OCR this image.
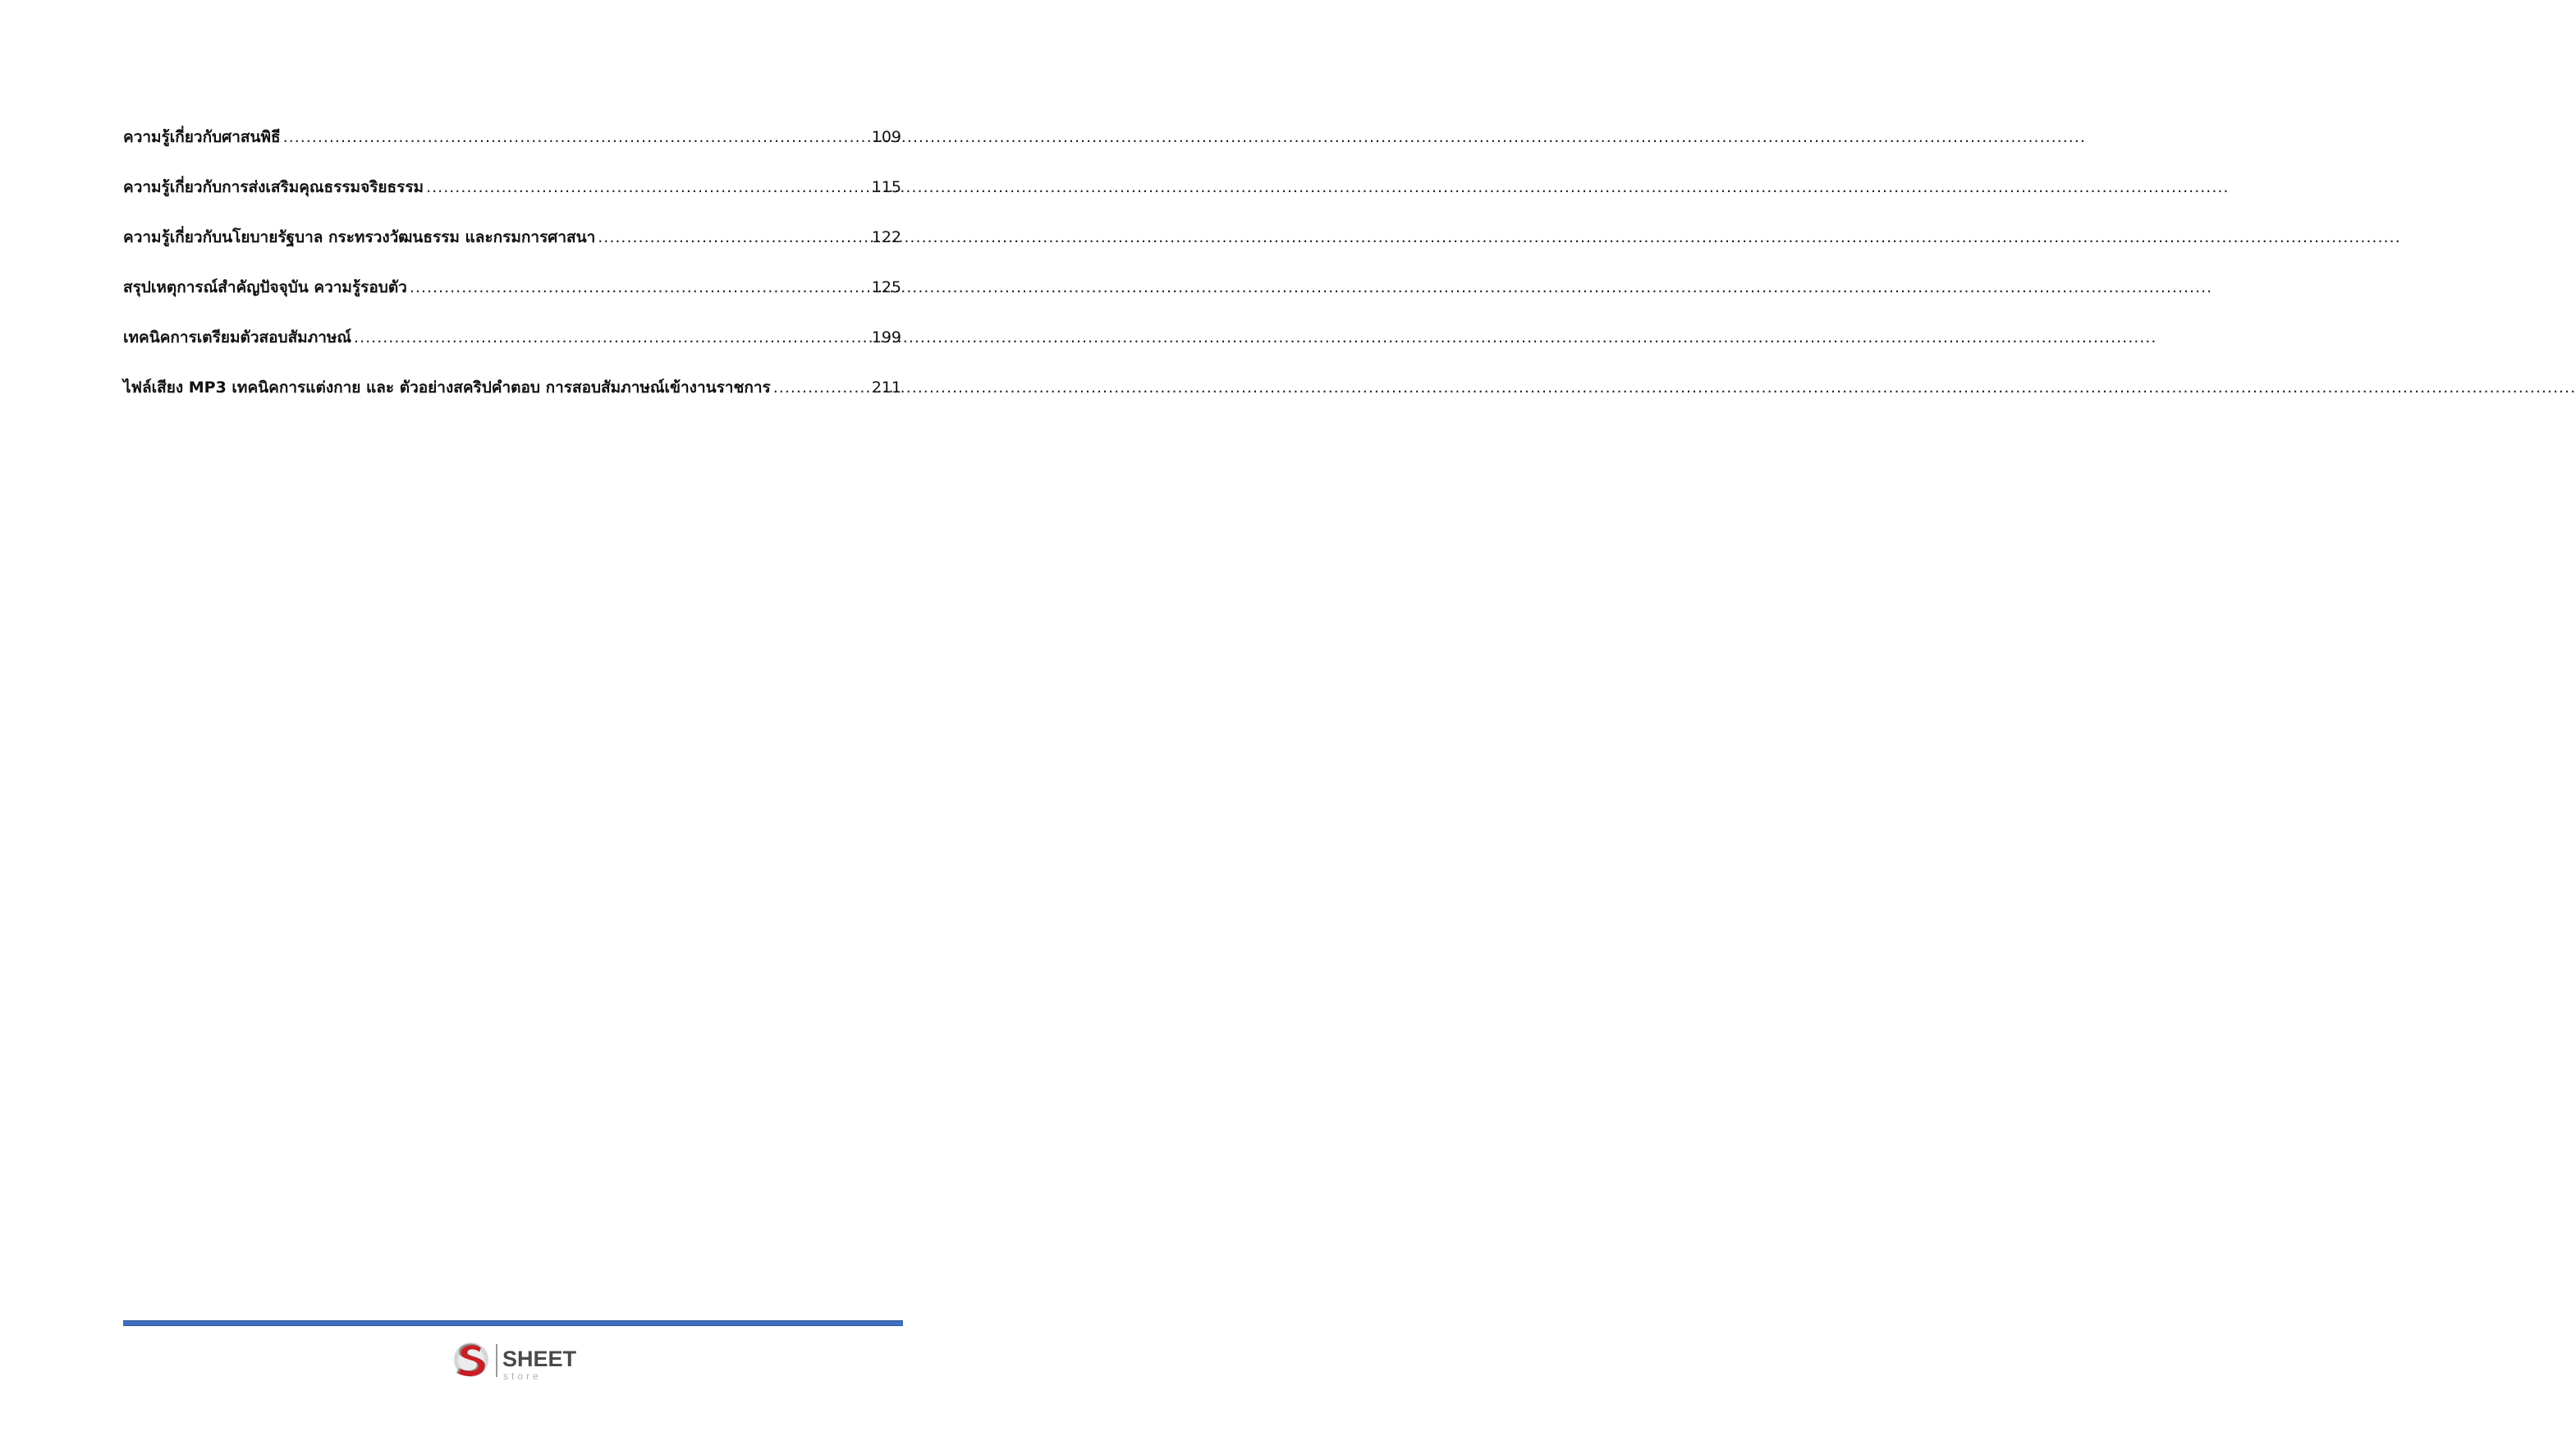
ความรู้เกี่ยวกับศาสนพิธี .....	109
ความรู้เกี่ยวกับการส่งเสริมคุณธรรมจริยธรรม .....	115
ความรู้เกี่ยวกับนโยบายรัฐบาล กระทรวงวัฒนธรรม และกรมการศาสนา .....	122
สรุปเหตุการณ์สำคัญปัจจุบัน ความรู้รอบตัว .....	125
เทคนิคการเตรียมตัวสอบสัมภาษณ์ .....	199
ไฟล์เสียง MP3 เทคนิคการแต่งกาย และ ตัวอย่างสคริปคำตอบ การสอบสัมภาษณ์เข้างานราชการ .....	211
SHEET
store
